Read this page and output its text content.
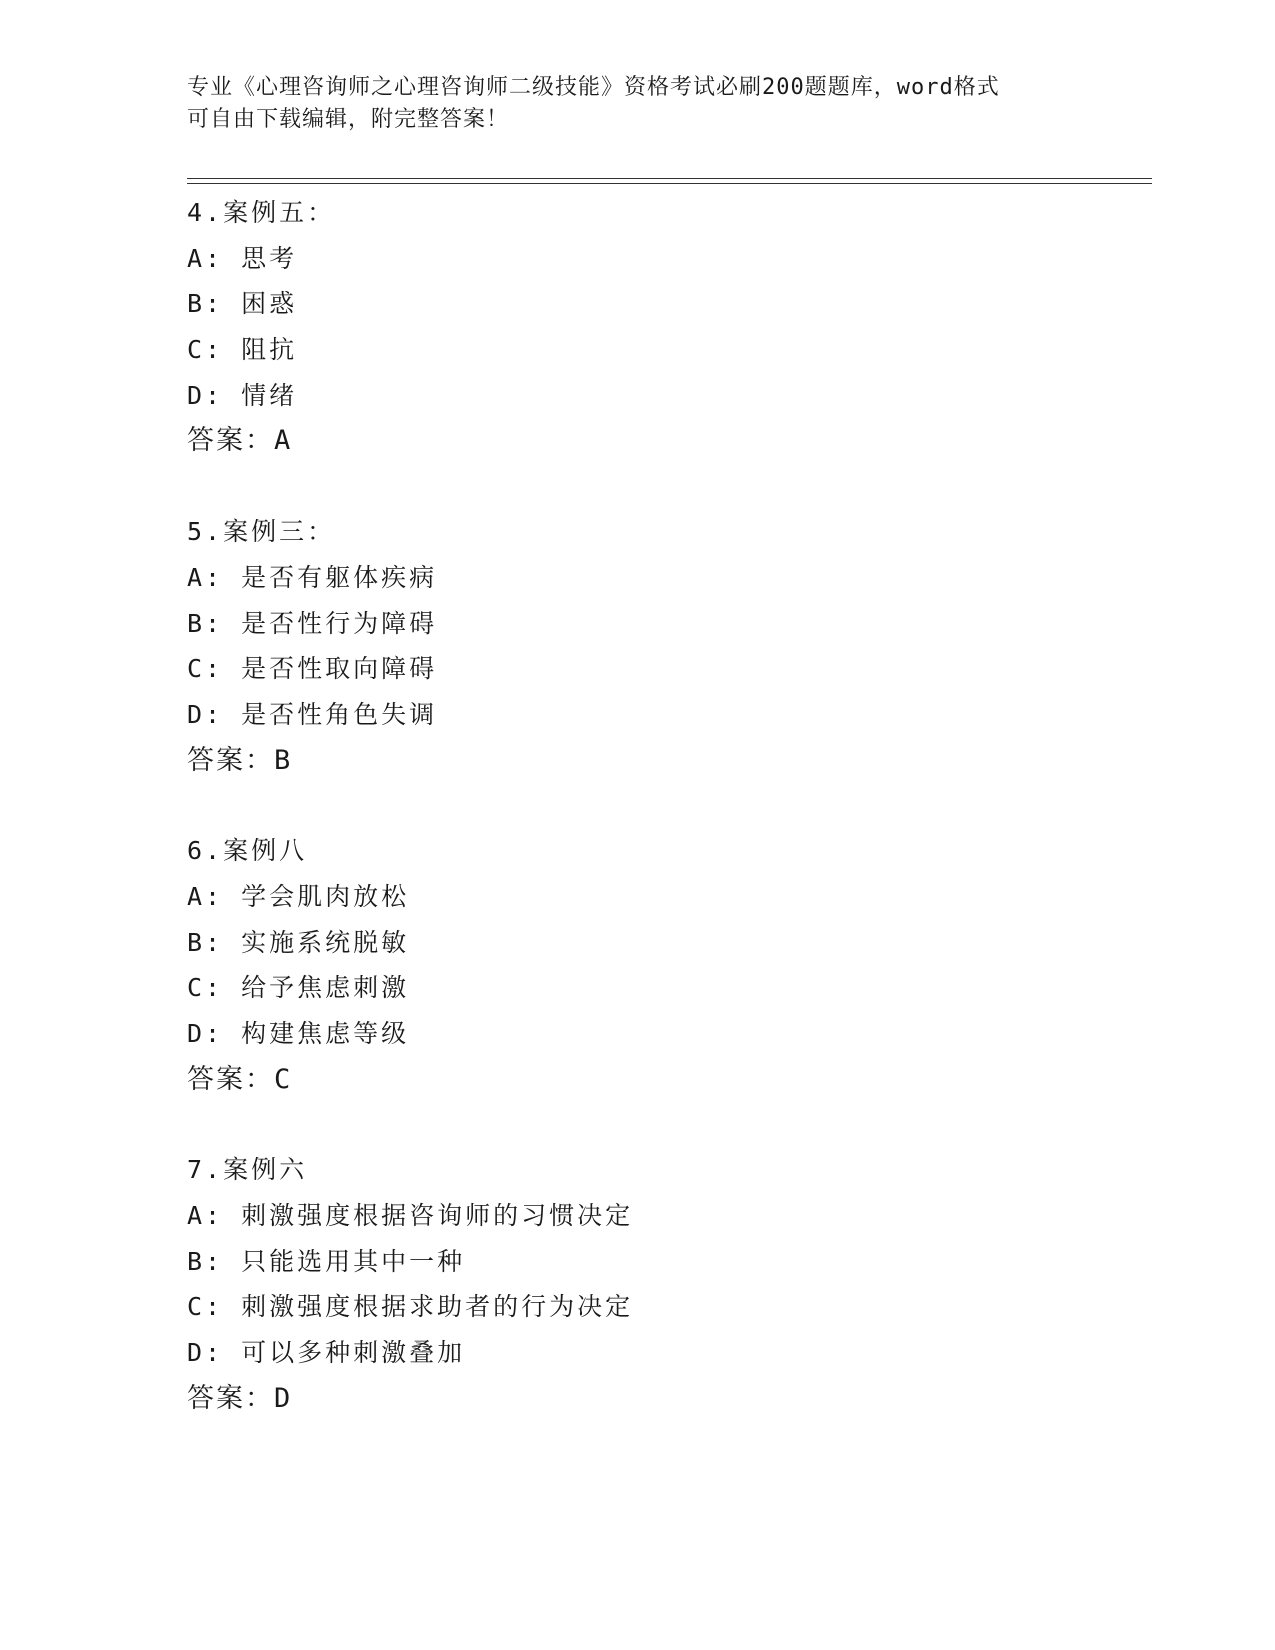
专业《心理咨询师之心理咨询师二级技能》资格考试必刷200题题库，word格式
可自由下载编辑，附完整答案！
4.案例五：
A: 思考
B: 困惑
C: 阻抗
D: 情绪
答案：A
5.案例三：
A: 是否有躯体疾病
B: 是否性行为障碍
C: 是否性取向障碍
D: 是否性角色失调
答案：B
6.案例八
A: 学会肌肉放松
B: 实施系统脱敏
C: 给予焦虑刺激
D: 构建焦虑等级
答案：C
7.案例六
A: 刺激强度根据咨询师的习惯决定
B: 只能选用其中一种
C: 刺激强度根据求助者的行为决定
D: 可以多种刺激叠加
答案：D
